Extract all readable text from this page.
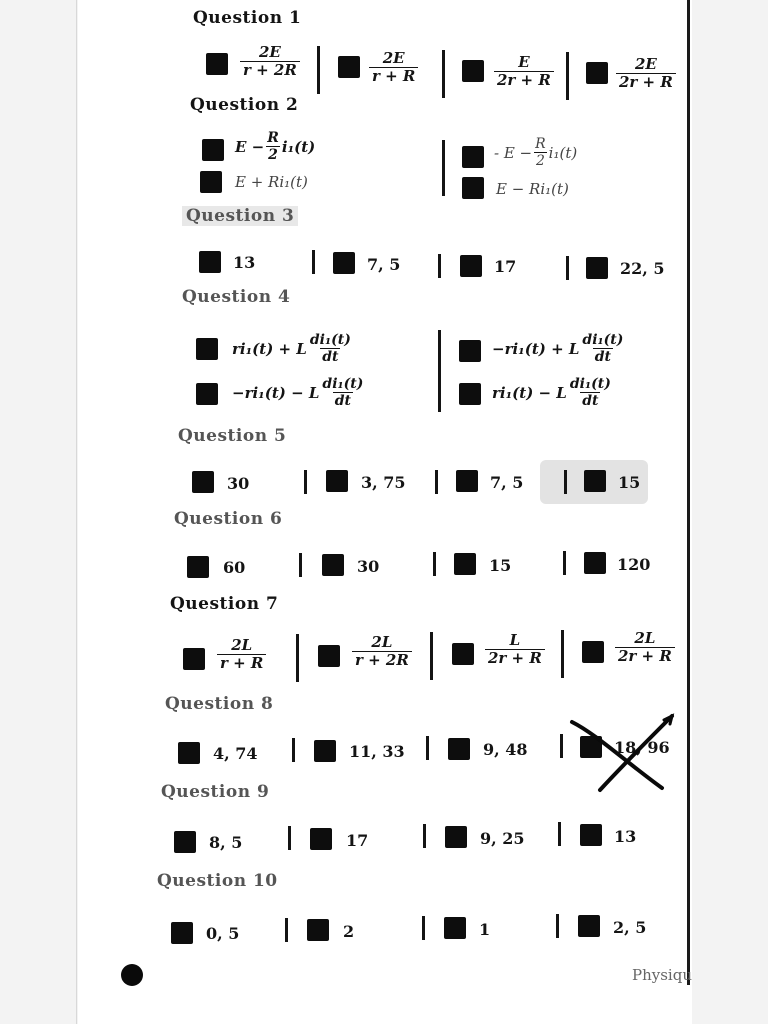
Question 1
$\frac{2E}{r + 2R}$	$\frac{2E}{r + R}$	$\frac{E}{2r + R}$	$\frac{2E}{2r + R}$
Question 2
$E - \frac{R}{2} i_1(t)$
E + Ri₁(t)
- $E - \frac{R}{2} i_1(t)$
E − Ri₁(t)
Question 3
13	7, 5	17	22, 5
Question 4
ri₁(t) + L $\frac{\text{di₁(t)}}{dt}$
−ri₁(t) − L $\frac{\text{di₁(t)}}{dt}$
−ri₁(t) + L $\frac{\text{di₁(t)}}{dt}$
ri₁(t) − L $\frac{\text{di₁(t)}}{dt}$
Question 5
30	3, 75	7, 5	15
Question 6
60	30	15	120
Question 7
$\frac{2L}{r + R}$	$\frac{2L}{r + 2R}$	$\frac{L}{2r + R}$	$\frac{2L}{2r + R}$
Question 8
4, 74	11, 33	9, 48	18, 96
Question 9
8, 5	17	9, 25	13
Question 10
0, 5	2	1	2, 5
Physiqu
